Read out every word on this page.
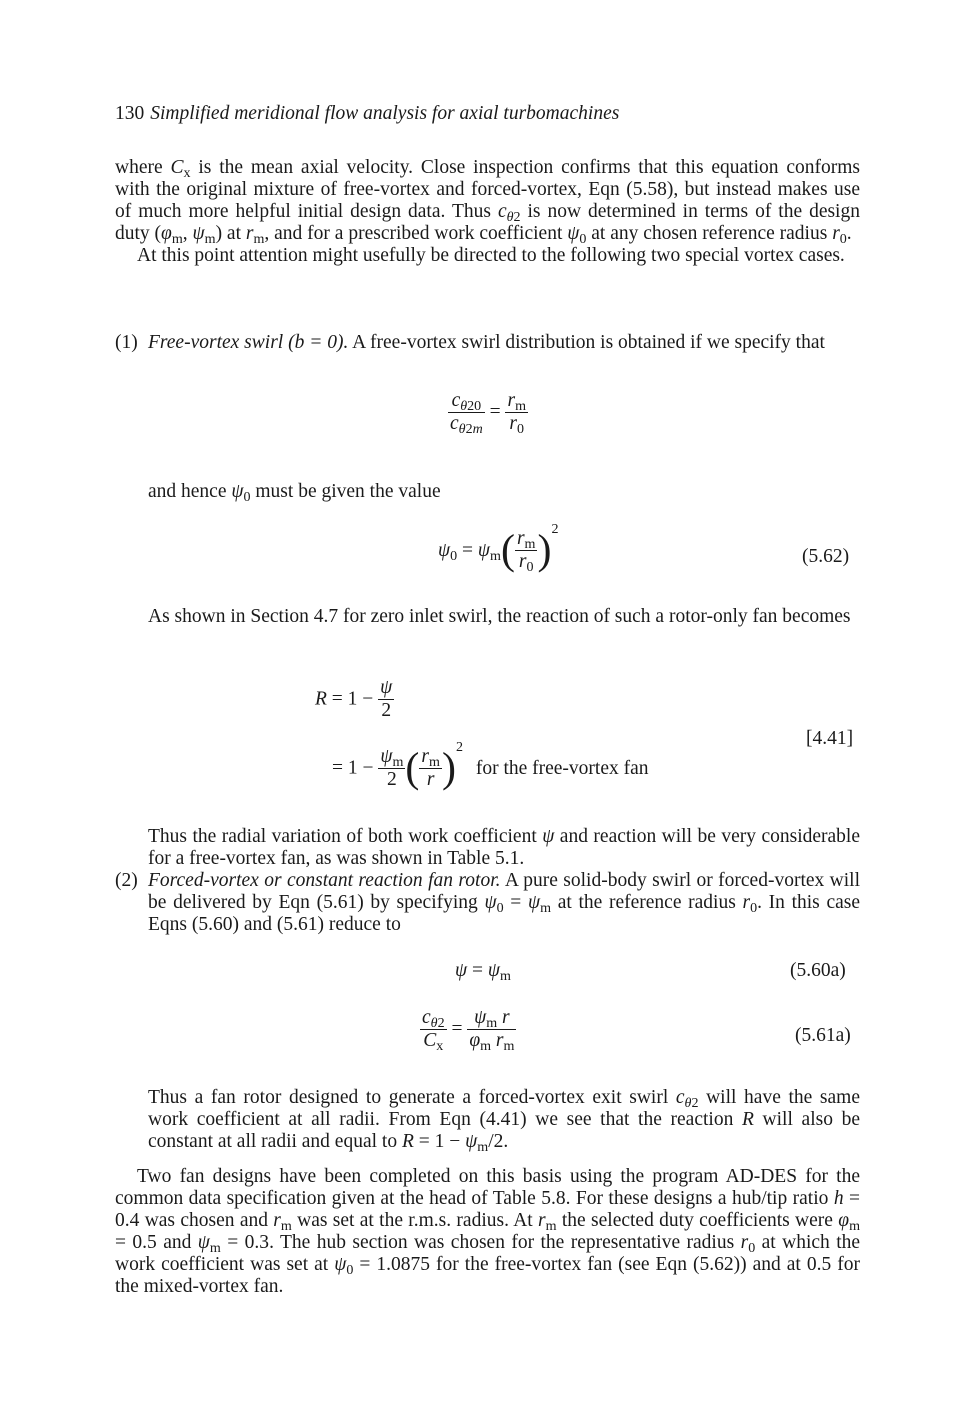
130 Simplified meridional flow analysis for axial turbomachines

where $C_x$ is the mean axial velocity. Close inspection confirms that this equation conforms with the original mixture of free-vortex and forced-vortex, Eqn (5.58), but instead makes use of much more helpful initial design data. Thus $c_{\theta 2}$ is now determined in terms of the design duty ($\varphi_m$, $\psi_m$) at $r_m$, and for a prescribed work coefficient $\psi_0$ at any chosen reference radius $r_0$.

At this point attention might usefully be directed to the following two special vortex cases.

(1) Free-vortex swirl (b = 0). A free-vortex swirl distribution is obtained if we specify that
$\frac{c_{\theta 20}}{c_{\theta 2m}} = \frac{r_m}{r_0}$
and hence $\psi_0$ must be given the value
$\psi_0 = \psi_m( \frac{r_m}{r_0} )^2$
(5.62)
As shown in Section 4.7 for zero inlet swirl, the reaction of such a rotor-only fan becomes
$R = 1 - \frac{\psi}{2}$
[4.41]
= $1 - \frac{\psi_m}{2}$ ( $\frac{r_m}{r} )^2$ for the free-vortex fan
Thus the radial variation of both work coefficient ψ and reaction will be very considerable for a free-vortex fan, as was shown in Table 5.1.
(2) Forced-vortex or constant reaction fan rotor. A pure solid-body swirl or forced-vortex will be delivered by Eqn (5.61) by specifying $\psi_0 = \psi_m$ at the reference radius $r_0$. In this case Eqns (5.60) and (5.61) reduce to
$\psi = \psi_m$	(5.60a)
$\frac{c_{\theta 2}}{C_x} = \frac{\psi_m r}{\varphi_m r_m}$	(5.61a)
Thus a fan rotor designed to generate a forced-vortex exit swirl $c_{\theta 2}$ will have the same work coefficient at all radii. From Eqn (4.41) we see that the reaction R will also be constant at all radii and equal to $R = 1 - \psi_m/2$.

Two fan designs have been completed on this basis using the program AD-DES for the common data specification given at the head of Table 5.8. For these designs a hub/tip ratio h = 0.4 was chosen and $r_m$ was set at the r.m.s. radius. At $r_m$ the selected duty coefficients were $\varphi_m = 0.5$ and $\psi_m = 0.3$. The hub section was chosen for the representative radius $r_0$ at which the work coefficient was set at $\psi_0 = 1.0875$ for the free-vortex fan (see Eqn (5.62)) and at 0.5 for the mixed-vortex fan.
